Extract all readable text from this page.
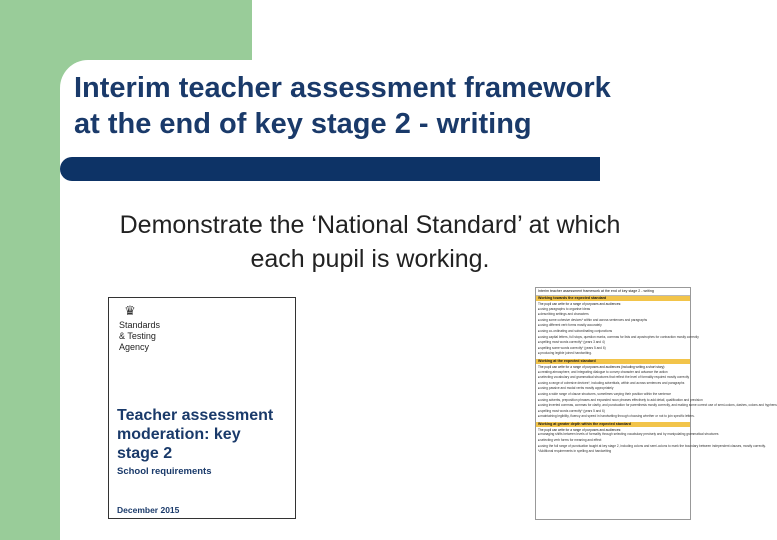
Interim teacher assessment framework
at the end of key stage 2 - writing
Demonstrate the ‘National Standard’ at which
each pupil is working.
♛
Standards
& Testing
Agency
Teacher assessment
moderation: key
stage 2
School requirements
December 2015
Interim teacher assessment framework at the end of key stage 2 - writing
Working towards the expected standard
The pupil can write for a range of purposes and audiences:
■ using paragraphs to organise ideas
■ describing settings and characters
■ using some cohesive devices* within and across sentences and paragraphs
■ using different verb forms mostly accurately
■ using co-ordinating and subordinating conjunctions
■ using capital letters, full stops, question marks, commas for lists and apostrophes for contraction mostly correctly
■ spelling most words correctly* (years 3 and 4)
■ spelling some words correctly* (years 5 and 6)
■ producing legible joined handwriting.
Working at the expected standard
The pupil can write for a range of purposes and audiences (including writing a short story):
■ creating atmosphere, and integrating dialogue to convey character and advance the action
■ selecting vocabulary and grammatical structures that reflect the level of formality required mostly correctly
■ using a range of cohesive devices*, including adverbials, within and across sentences and paragraphs
■ using passive and modal verbs mostly appropriately
■ using a wide range of clause structures, sometimes varying their position within the sentence
■ using adverbs, preposition phrases and expanded noun phrases effectively to add detail, qualification and precision
■ using inverted commas, commas for clarity, and punctuation for parenthesis mostly correctly, and making some correct use of semi-colons, dashes, colons and hyphens
■ spelling most words correctly* (years 5 and 6)
■ maintaining legibility, fluency and speed in handwriting through choosing whether or not to join specific letters.
Working at greater depth within the expected standard
The pupil can write for a range of purposes and audiences:
■ managing shifts between levels of formality through selecting vocabulary precisely and by manipulating grammatical structures
■ selecting verb forms for meaning and effect
■ using the full range of punctuation taught at key stage 2, including colons and semi-colons to mark the boundary between independent clauses, mostly correctly.
*Additional requirements in spelling and handwriting
